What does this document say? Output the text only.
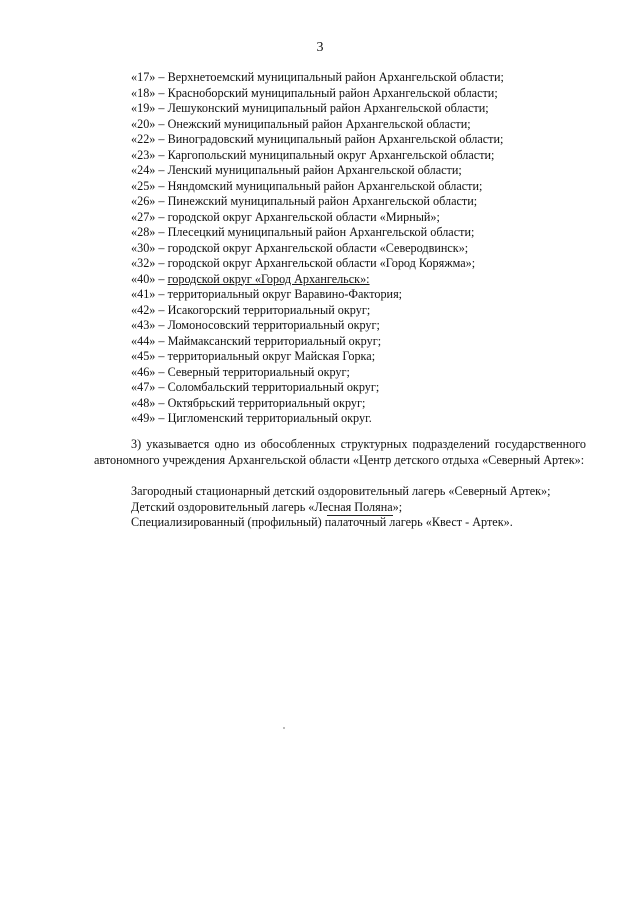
3
«17» – Верхнетоемский муниципальный район Архангельской области;
«18» – Красноборский муниципальный район Архангельской области;
«19» – Лешуконский муниципальный район Архангельской области;
«20» – Онежский муниципальный район Архангельской области;
«22» – Виноградовский муниципальный район Архангельской области;
«23» – Каргопольский муниципальный округ Архангельской области;
«24» – Ленский муниципальный район Архангельской области;
«25» – Няндомский муниципальный район Архангельской области;
«26» – Пинежский муниципальный район Архангельской области;
«27» – городской округ Архангельской области «Мирный»;
«28» – Плесецкий муниципальный район Архангельской области;
«30» – городской округ Архангельской области «Северодвинск»;
«32» – городской округ Архангельской области «Город Коряжма»;
«40» – городской округ «Город Архангельск»:
«41» – территориальный округ Варавино-Фактория;
«42» – Исакогорский территориальный округ;
«43» – Ломоносовский территориальный округ;
«44» – Маймаксанский территориальный округ;
«45» – территориальный округ Майская Горка;
«46» – Северный территориальный округ;
«47» – Соломбальский территориальный округ;
«48» – Октябрьский территориальный округ;
«49» – Цигломенский территориальный округ.

3) указывается одно из обособленных структурных подразделений государственного автономного учреждения Архангельской области «Центр детского отдыха «Северный Артек»:

Загородный стационарный детский оздоровительный лагерь «Северный Артек»;
Детский оздоровительный лагерь «Лесная Поляна»;
Специализированный (профильный) палаточный лагерь «Квест - Артек».
